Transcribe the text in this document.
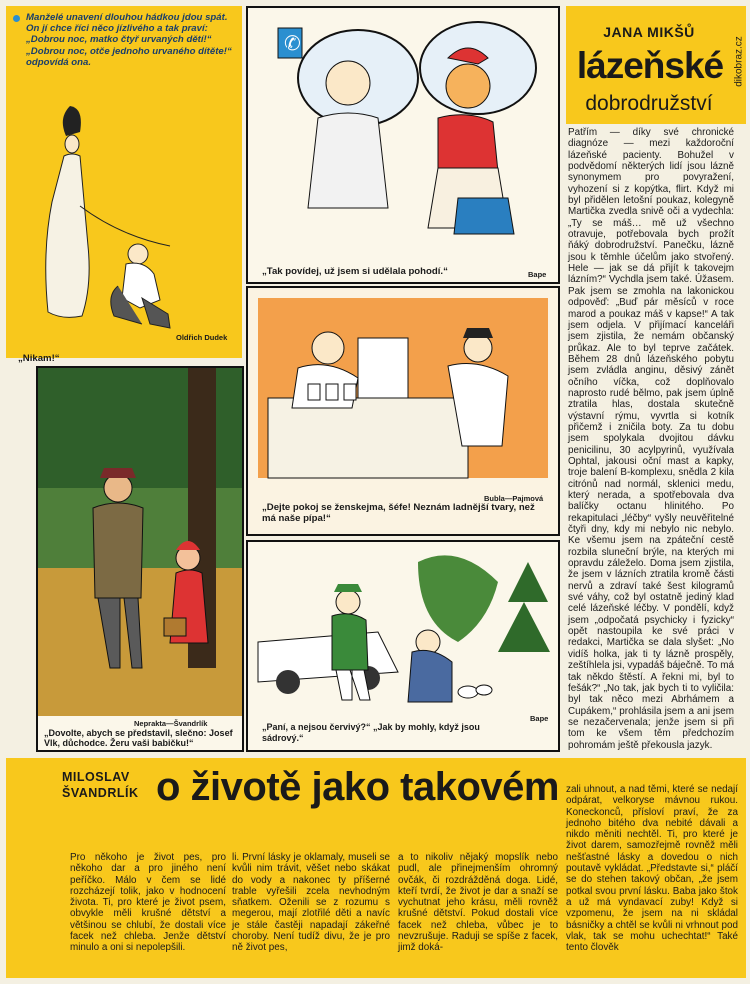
Manželé unavení dlouhou hádkou jdou spát. On jí chce říci něco jízlivého a tak praví: „Dobrou noc, matko čtyř urvaných dětí!“ „Dobrou noc, otče jednoho urvaného dítěte!“ odpovídá ona.
„Nikam!“
Oldřich Dudek
✆
„Tak povídej, už jsem si udělala pohodí.“	Bape
Bubla—Pajmová
„Dejte pokoj se ženskejma, šéfe! Neznám ladnější tvary, než má naše pípa!“
Neprakta—Švandrlík
„Dovolte, abych se představil, slečno: Josef Vlk, důchodce. Žeru vaši babičku!“
„Paní, a nejsou červivý?“ „Jak by mohly, když jsou sádrový.“
Bape
JANA MIKŠŮ
lázeňské
dobrodružství
dikobraz.cz
Patřím — díky své chronické diagnóze — mezi každoroční lázeňské pacienty. Bohužel v podvědomí některých lidí jsou lázně synonymem pro povyražení, vyhození si z kopýtka, flirt. Když mi byl přidělen letošní poukaz, kolegyně Martička zvedla snivě oči a vydechla: „Ty se máš… mě už všechno otravuje, potřebovala bych prožít ňáký dobrodružství. Panečku, lázně jsou k těmhle účelům jako stvořený. Hele — jak se dá přijít k takovejm lázním?“ Vychdla jsem také. Úžasem. Pak jsem se zmohla na lakonickou odpověď: „Buď pár měsíců v roce marod a poukaz máš v kapse!“ A tak jsem odjela. V přijímací kanceláři jsem zjistila, že nemám občanský průkaz. Ale to byl teprve začátek. Během 28 dnů lázeňského pobytu jsem zvládla anginu, děsivý zánět očního víčka, což doplňovalo naprosto rudé bělmo, pak jsem úplně ztratila hlas, dostala skutečně výstavní rýmu, vyvrtla si kotník přičemž i zničila boty. Za tu dobu jsem spolykala dvojitou dávku penicilinu, 30 acylpyrinů, využívala Ophtal, jakousi oční mast a kapky, troje balení B-komplexu, snědla 2 kila citrónů nad normál, sklenici medu, který nerada, a spotřebovala dva balíčky octanu hlinitého. Po rekapitulaci „léčby“ vyšly neuvěřitelné čtyři dny, kdy mi nebylo nic nebylo. Ke všemu jsem na zpáteční cestě rozbila sluneční brýle, na kterých mi opravdu záleželo. Doma jsem zjistila, že jsem v lázních ztratila kromě části nervů a zdraví také šest kilogramů své váhy, což byl ostatně jediný klad celé lázeňské léčby. V pondělí, když jsem „odpočatá psychicky i fyzicky“ opět nastoupila ke své práci v redakci, Martička se dala slyšet: „No vidíš holka, jak ti ty lázně prospěly, zeštíhlela jsi, vypadáš báječně. To má tak někdo štěstí. A řekni mi, byl to fešák?“ „No tak, jak bych ti to vyličila: byl tak něco mezi Abrhámem a Cupákem,“ prohlásila jsem a ani jsem se nezačervenala; jenže jsem si při tom ke všem těm předchozím pohromám ještě překousla jazyk.
MILOSLAV
ŠVANDRLÍK o životě jako takovém
Pro někoho je život pes, pro někoho dar a pro jiného není peříčko. Málo v čem se lidé rozcházejí tolik, jako v hodnocení života. Ti, pro které je život psem, obvykle měli krušné dětství a většinou se chlubí, že dostali více facek než chleba. Jenže dětství minulo a oni si nepolepšili.
li. První lásky je oklamaly, museli se kvůli nim trávit, věšet nebo skákat do vody a nakonec ty příšerné trable vyřešili zcela nevhodným sňatkem. Oženili se z rozumu s megerou, mají zlotřilé děti a navíc je stále častěji napadají zákeřné choroby. Není tudíž divu, že je pro ně život pes,
a to nikoliv nějaký mopslík nebo pudl, ale přinejmenším ohromný ovčák, či rozdrážděná doga. Lidé, kteří tvrdí, že život je dar a snaží se vychutnat jeho krásu, měli rovněž krušné dětství. Pokud dostali více facek než chleba, vůbec je to nevzrušuje. Raduji se spíše z facek, jimž doká-
zali uhnout, a nad těmi, které se nedají odpárat, velkoryse mávnou rukou. Koneckonců, přísloví praví, že za jednoho bitého dva nebité dávali a nikdo měniti nechtěl. Ti, pro které je život darem, samozřejmě rovněž měli nešťastné lásky a dovedou o nich poutavě vykládat. „Představte si,“ pláčí se do stehen takový občan, „že jsem potkal svou první lásku. Baba jako štok a už má vyndavací zuby! Když si vzpomenu, že jsem na ni skládal básničky a chtěl se kvůli ni vrhnout pod vlak, tak se mohu uchechtat!“ Také tento člověk
